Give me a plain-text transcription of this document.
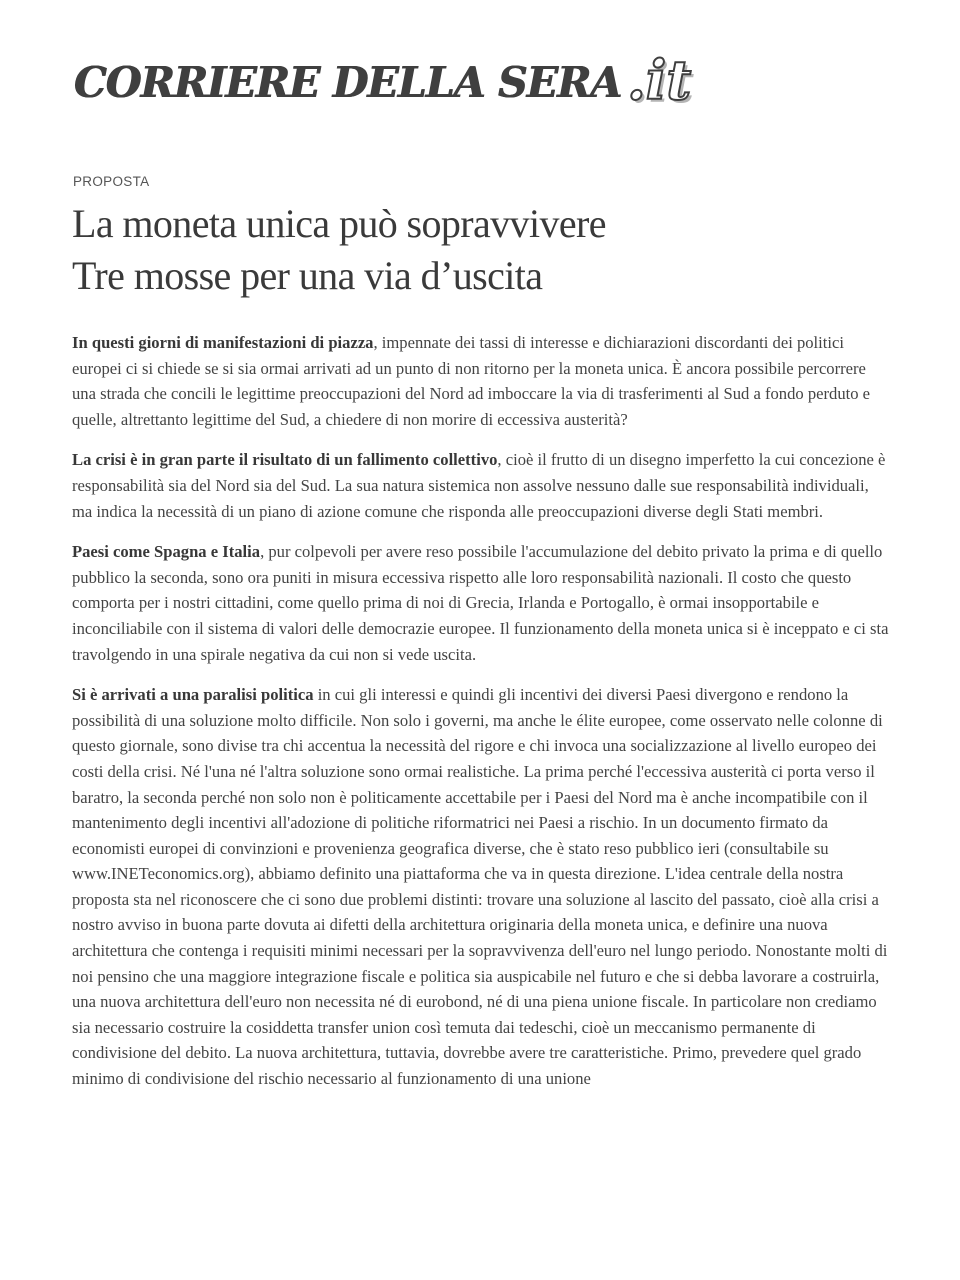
CORRIERE DELLA SERA .it
PROPOSTA
La moneta unica può sopravvivere
Tre mosse per una via d’uscita

In questi giorni di manifestazioni di piazza, impennate dei tassi di interesse e dichiarazioni discordanti dei politici europei ci si chiede se si sia ormai arrivati ad un punto di non ritorno per la moneta unica. È ancora possibile percorrere una strada che concili le legittime preoccupazioni del Nord ad imboccare la via di trasferimenti al Sud a fondo perduto e quelle, altrettanto legittime del Sud, a chiedere di non morire di eccessiva austerità?

La crisi è in gran parte il risultato di un fallimento collettivo, cioè il frutto di un disegno imperfetto la cui concezione è responsabilità sia del Nord sia del Sud. La sua natura sistemica non assolve nessuno dalle sue responsabilità individuali, ma indica la necessità di un piano di azione comune che risponda alle preoccupazioni diverse degli Stati membri.

Paesi come Spagna e Italia, pur colpevoli per avere reso possibile l'accumulazione del debito privato la prima e di quello pubblico la seconda, sono ora puniti in misura eccessiva rispetto alle loro responsabilità nazionali. Il costo che questo comporta per i nostri cittadini, come quello prima di noi di Grecia, Irlanda e Portogallo, è ormai insopportabile e inconciliabile con il sistema di valori delle democrazie europee. Il funzionamento della moneta unica si è inceppato e ci sta travolgendo in una spirale negativa da cui non si vede uscita.

Si è arrivati a una paralisi politica in cui gli interessi e quindi gli incentivi dei diversi Paesi divergono e rendono la possibilità di una soluzione molto difficile. Non solo i governi, ma anche le élite europee, come osservato nelle colonne di questo giornale, sono divise tra chi accentua la necessità del rigore e chi invoca una socializzazione al livello europeo dei costi della crisi. Né l'una né l'altra soluzione sono ormai realistiche. La prima perché l'eccessiva austerità ci porta verso il baratro, la seconda perché non solo non è politicamente accettabile per i Paesi del Nord ma è anche incompatibile con il mantenimento degli incentivi all'adozione di politiche riformatrici nei Paesi a rischio. In un documento firmato da economisti europei di convinzioni e provenienza geografica diverse, che è stato reso pubblico ieri (consultabile su www.INETeconomics.org), abbiamo definito una piattaforma che va in questa direzione. L'idea centrale della nostra proposta sta nel riconoscere che ci sono due problemi distinti: trovare una soluzione al lascito del passato, cioè alla crisi a nostro avviso in buona parte dovuta ai difetti della architettura originaria della moneta unica, e definire una nuova architettura che contenga i requisiti minimi necessari per la sopravvivenza dell'euro nel lungo periodo. Nonostante molti di noi pensino che una maggiore integrazione fiscale e politica sia auspicabile nel futuro e che si debba lavorare a costruirla, una nuova architettura dell'euro non necessita né di eurobond, né di una piena unione fiscale. In particolare non crediamo sia necessario costruire la cosiddetta transfer union così temuta dai tedeschi, cioè un meccanismo permanente di condivisione del debito. La nuova architettura, tuttavia, dovrebbe avere tre caratteristiche. Primo, prevedere quel grado minimo di condivisione del rischio necessario al funzionamento di una unione
